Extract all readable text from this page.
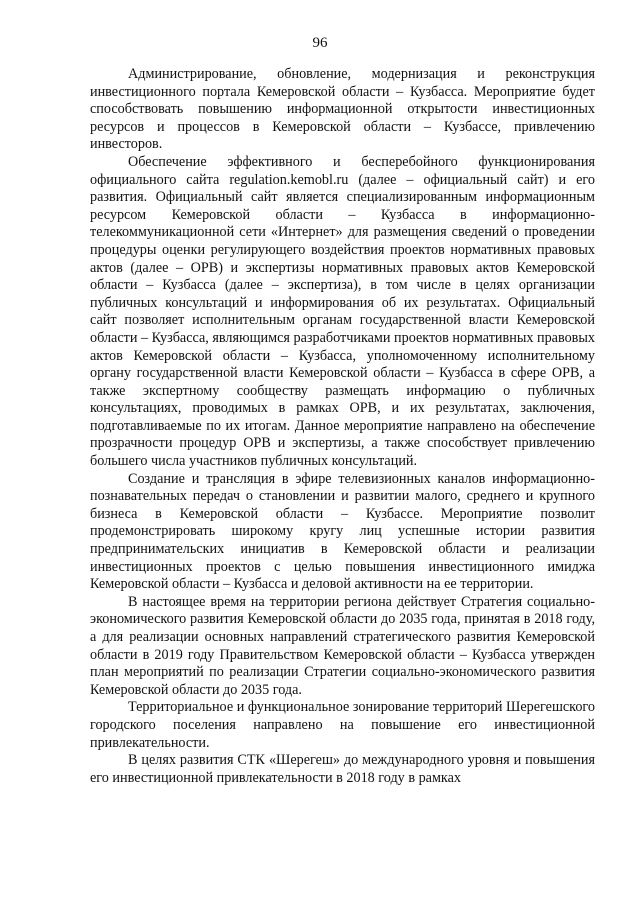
96

Администрирование, обновление, модернизация и реконструкция инвестиционного портала Кемеровской области – Кузбасса. Мероприятие будет способствовать повышению информационной открытости инвестиционных ресурсов и процессов в Кемеровской области – Кузбассе, привлечению инвесторов.

Обеспечение эффективного и бесперебойного функционирования официального сайта regulation.kemobl.ru (далее – официальный сайт) и его развития. Официальный сайт является специализированным информационным ресурсом Кемеровской области – Кузбасса в информационно-телекоммуникационной сети «Интернет» для размещения сведений о проведении процедуры оценки регулирующего воздействия проектов нормативных правовых актов (далее – ОРВ) и экспертизы нормативных правовых актов Кемеровской области – Кузбасса (далее – экспертиза), в том числе в целях организации публичных консультаций и информирования об их результатах. Официальный сайт позволяет исполнительным органам государственной власти Кемеровской области – Кузбасса, являющимся разработчиками проектов нормативных правовых актов Кемеровской области – Кузбасса, уполномоченному исполнительному органу государственной власти Кемеровской области – Кузбасса в сфере ОРВ, а также экспертному сообществу размещать информацию о публичных консультациях, проводимых в рамках ОРВ, и их результатах, заключения, подготавливаемые по их итогам. Данное мероприятие направлено на обеспечение прозрачности процедур ОРВ и экспертизы, а также способствует привлечению большего числа участников публичных консультаций.

Создание и трансляция в эфире телевизионных каналов информационно-познавательных передач о становлении и развитии малого, среднего и крупного бизнеса в Кемеровской области – Кузбассе. Мероприятие позволит продемонстрировать широкому кругу лиц успешные истории развития предпринимательских инициатив в Кемеровской области и реализации инвестиционных проектов с целью повышения инвестиционного имиджа Кемеровской области – Кузбасса и деловой активности на ее территории.

В настоящее время на территории региона действует Стратегия социально-экономического развития Кемеровской области до 2035 года, принятая в 2018 году, а для реализации основных направлений стратегического развития Кемеровской области в 2019 году Правительством Кемеровской области – Кузбасса утвержден план мероприятий по реализации Стратегии социально-экономического развития Кемеровской области до 2035 года.

Территориальное и функциональное зонирование территорий Шерегешского городского поселения направлено на повышение его инвестиционной привлекательности.

В целях развития СТК «Шерегеш» до международного уровня и повышения его инвестиционной привлекательности в 2018 году в рамках
